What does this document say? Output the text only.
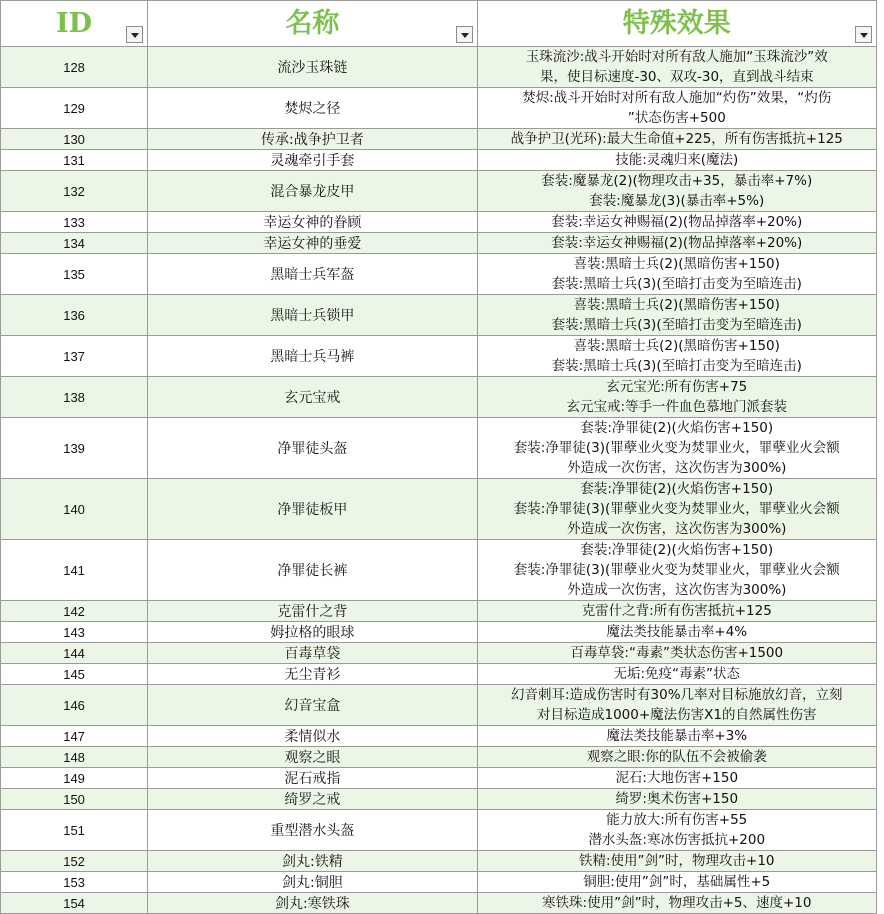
ID	名称	特殊效果

128	流沙玉珠链	玉珠流沙:战斗开始时对所有敌人施加“玉珠流沙”效
果，使目标速度-30、双攻-30，直到战斗结束

129	焚烬之径	焚烬:战斗开始时对所有敌人施加“灼伤”效果，“灼伤
”状态伤害+500

130	传承:战争护卫者	战争护卫(光环):最大生命值+225，所有伤害抵抗+125

131	灵魂牵引手套	技能:灵魂归来(魔法)

132	混合暴龙皮甲	套装:魔暴龙(2)(物理攻击+35，暴击率+7%)
套装:魔暴龙(3)(暴击率+5%)

133	幸运女神的眷顾	套装:幸运女神赐福(2)(物品掉落率+20%)

134	幸运女神的垂爱	套装:幸运女神赐福(2)(物品掉落率+20%)

135	黑暗士兵军盔	喜装:黑暗士兵(2)(黑暗伤害+150)
套装:黑暗士兵(3)(至暗打击变为至暗连击)

136	黑暗士兵锁甲	喜装:黑暗士兵(2)(黑暗伤害+150)
套装:黑暗士兵(3)(至暗打击变为至暗连击)

137	黑暗士兵马裤	喜装:黑暗士兵(2)(黑暗伤害+150)
套装:黑暗士兵(3)(至暗打击变为至暗连击)

138	玄元宝戒	玄元宝光:所有伤害+75
玄元宝戒:等手一件血色慕地门派套装

139	净罪徒头盔	套装:净罪徒(2)(火焰伤害+150)
套装:净罪徒(3)(罪孽业火变为焚罪业火，罪孽业火会额
外造成一次伤害，这次伤害为300%)

140	净罪徒板甲	套装:净罪徒(2)(火焰伤害+150)
套装:净罪徒(3)(罪孽业火变为焚罪业火，罪孽业火会额
外造成一次伤害，这次伤害为300%)

141	净罪徒长裤	套装:净罪徒(2)(火焰伤害+150)
套装:净罪徒(3)(罪孽业火变为焚罪业火，罪孽业火会额
外造成一次伤害，这次伤害为300%)

142	克雷什之背	克雷什之背:所有伤害抵抗+125

143	姆拉格的眼球	魔法类技能暴击率+4%

144	百毒草袋	百毒草袋:“毒素”类状态伤害+1500

145	无尘青衫	无垢:免疫“毒素”状态

146	幻音宝盒	幻音刺耳:造成伤害时有30%几率对目标施放幻音，立刻
对目标造成1000+魔法伤害X1的自然属性伤害

147	柔情似水	魔法类技能暴击率+3%

148	观察之眼	观察之眼:你的队伍不会被偷袭

149	泥石戒指	泥石:大地伤害+150

150	绮罗之戒	绮罗:奥术伤害+150

151	重型潜水头盔	能力放大:所有伤害+55
潜水头盔:寒冰伤害抵抗+200

152	剑丸:铁精	铁精:使用”剑”时，物理攻击+10

153	剑丸:铜胆	铜胆:使用”剑”时，基础属性+5

154	剑丸:寒铁珠	寒铁珠:使用”剑”时，物理攻击+5、速度+10
